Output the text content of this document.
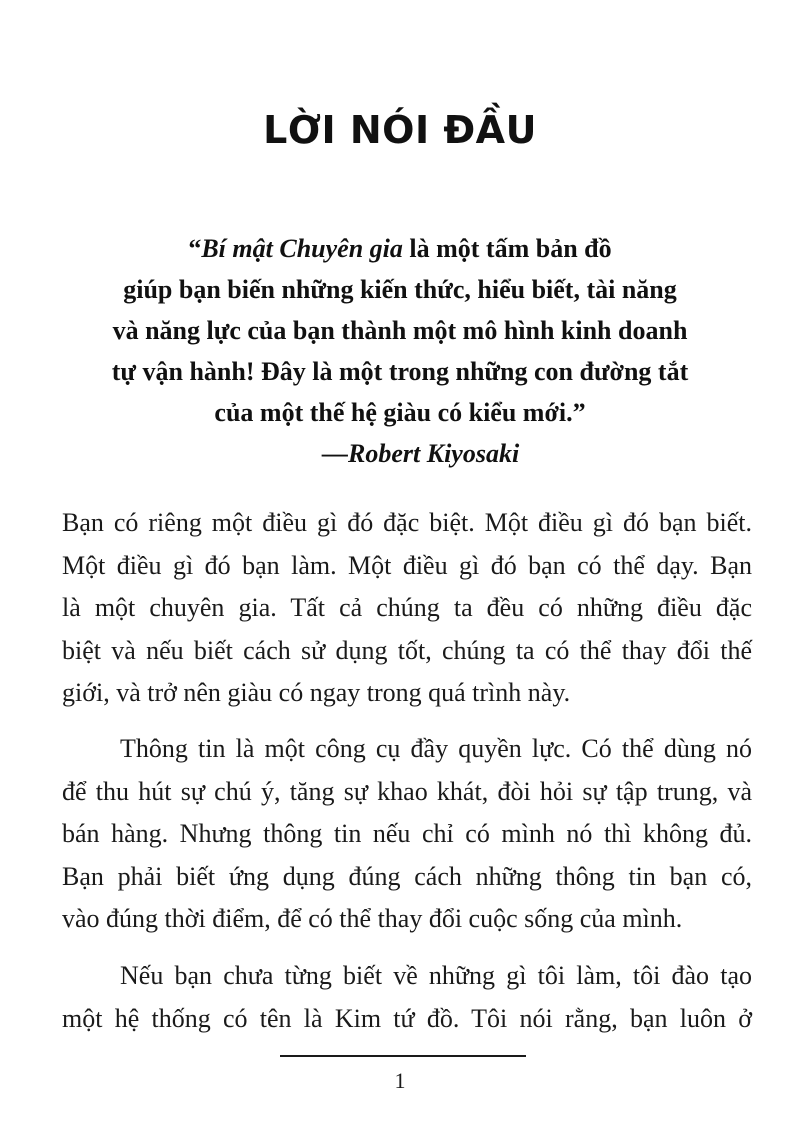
LỜI NÓI ĐẦU
“Bí mật Chuyên gia là một tấm bản đồ
giúp bạn biến những kiến thức, hiểu biết, tài năng
và năng lực của bạn thành một mô hình kinh doanh
tự vận hành! Đây là một trong những con đường tắt
của một thế hệ giàu có kiểu mới.”
—Robert Kiyosaki
Bạn có riêng một điều gì đó đặc biệt. Một điều gì đó bạn biết.
Một điều gì đó bạn làm. Một điều gì đó bạn có thể dạy. Bạn
là một chuyên gia. Tất cả chúng ta đều có những điều đặc
biệt và nếu biết cách sử dụng tốt, chúng ta có thể thay đổi thế
giới, và trở nên giàu có ngay trong quá trình này.
Thông tin là một công cụ đầy quyền lực. Có thể dùng nó
để thu hút sự chú ý, tăng sự khao khát, đòi hỏi sự tập trung, và
bán hàng. Nhưng thông tin nếu chỉ có mình nó thì không đủ.
Bạn phải biết ứng dụng đúng cách những thông tin bạn có,
vào đúng thời điểm, để có thể thay đổi cuộc sống của mình.
Nếu bạn chưa từng biết về những gì tôi làm, tôi đào tạo
một hệ thống có tên là Kim tứ đồ. Tôi nói rằng, bạn luôn ở
1
